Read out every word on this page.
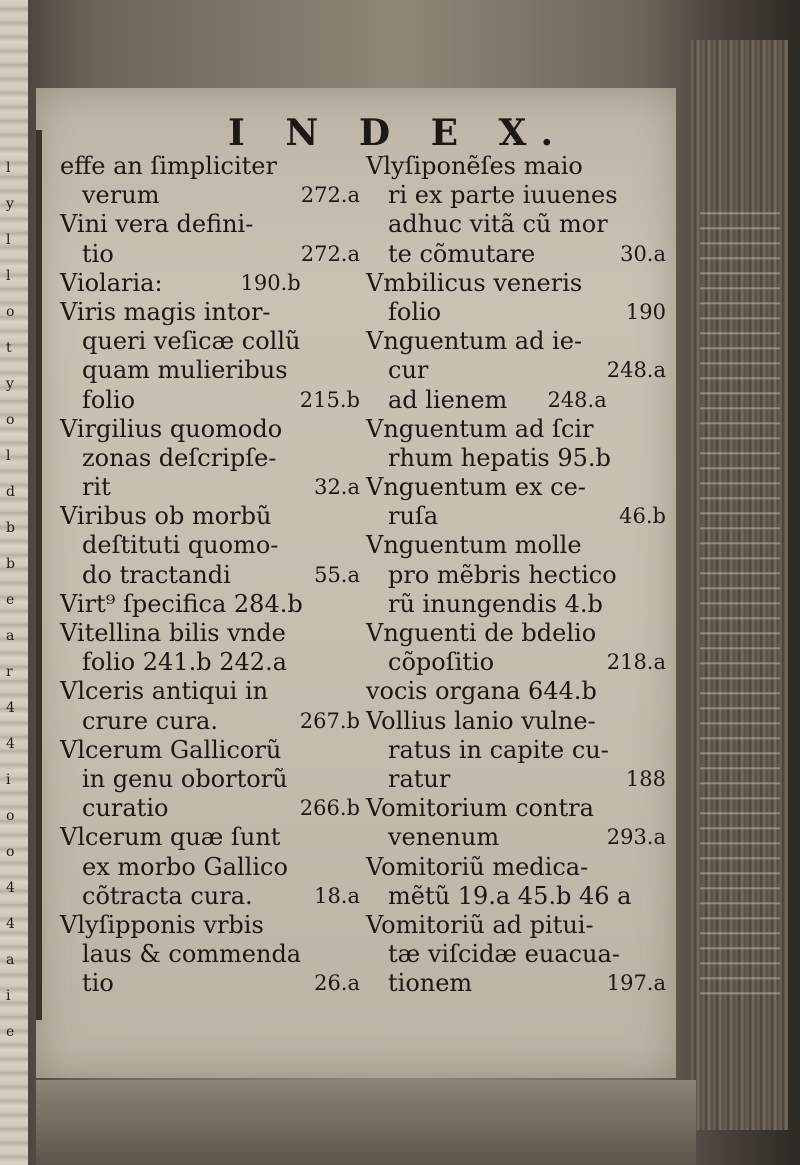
l
y
l
l
o
t
y
o
l
d
b
b
e
a
r
4
4
i
o
o
4
4
a
i
e
I N D E X.
effe an ſimpliciter
verum	272.a
Vini vera defini-
tio	272.a
Violaria:	190.b
Viris magis intor-
queri veſicæ collũ
quam mulieribus
folio	215.b
Virgilius quomodo
zonas deſcripſe-
rit	32.a
Viribus ob morbũ
deſtituti quomo-
do tractandi	55.a
Virt⁹ ſpecifica 284.b
Vitellina bilis vnde
folio 241.b 242.a
Vlceris antiqui in
crure cura.	267.b
Vlcerum Gallicorũ
in genu obortorũ
curatio	266.b
Vlcerum quæ ſunt
ex morbo Gallico
cõtracta cura.	18.a
Vlyſipponis vrbis
laus & commenda
tio	26.a
Vlyſiponẽſes maio
ri ex parte iuuenes
adhuc vitã cũ mor
te cõmutare	30.a
Vmbilicus veneris
folio	190
Vnguentum ad ie-
cur	248.a
ad lienem 248.a
Vnguentum ad ſcir
rhum hepatis 95.b
Vnguentum ex ce-
ruſa	46.b
Vnguentum molle
pro mẽbris hectico
rũ inungendis 4.b
Vnguenti de bdelio
cõpoſitio	218.a
vocis organa 644.b
Vollius lanio vulne-
ratus in capite cu-
ratur	188
Vomitorium contra
venenum	293.a
Vomitoriũ medica-
mẽtũ 19.a 45.b 46 a
Vomitoriũ ad pitui-
tæ viſcidæ euacua-
tionem	197.a
